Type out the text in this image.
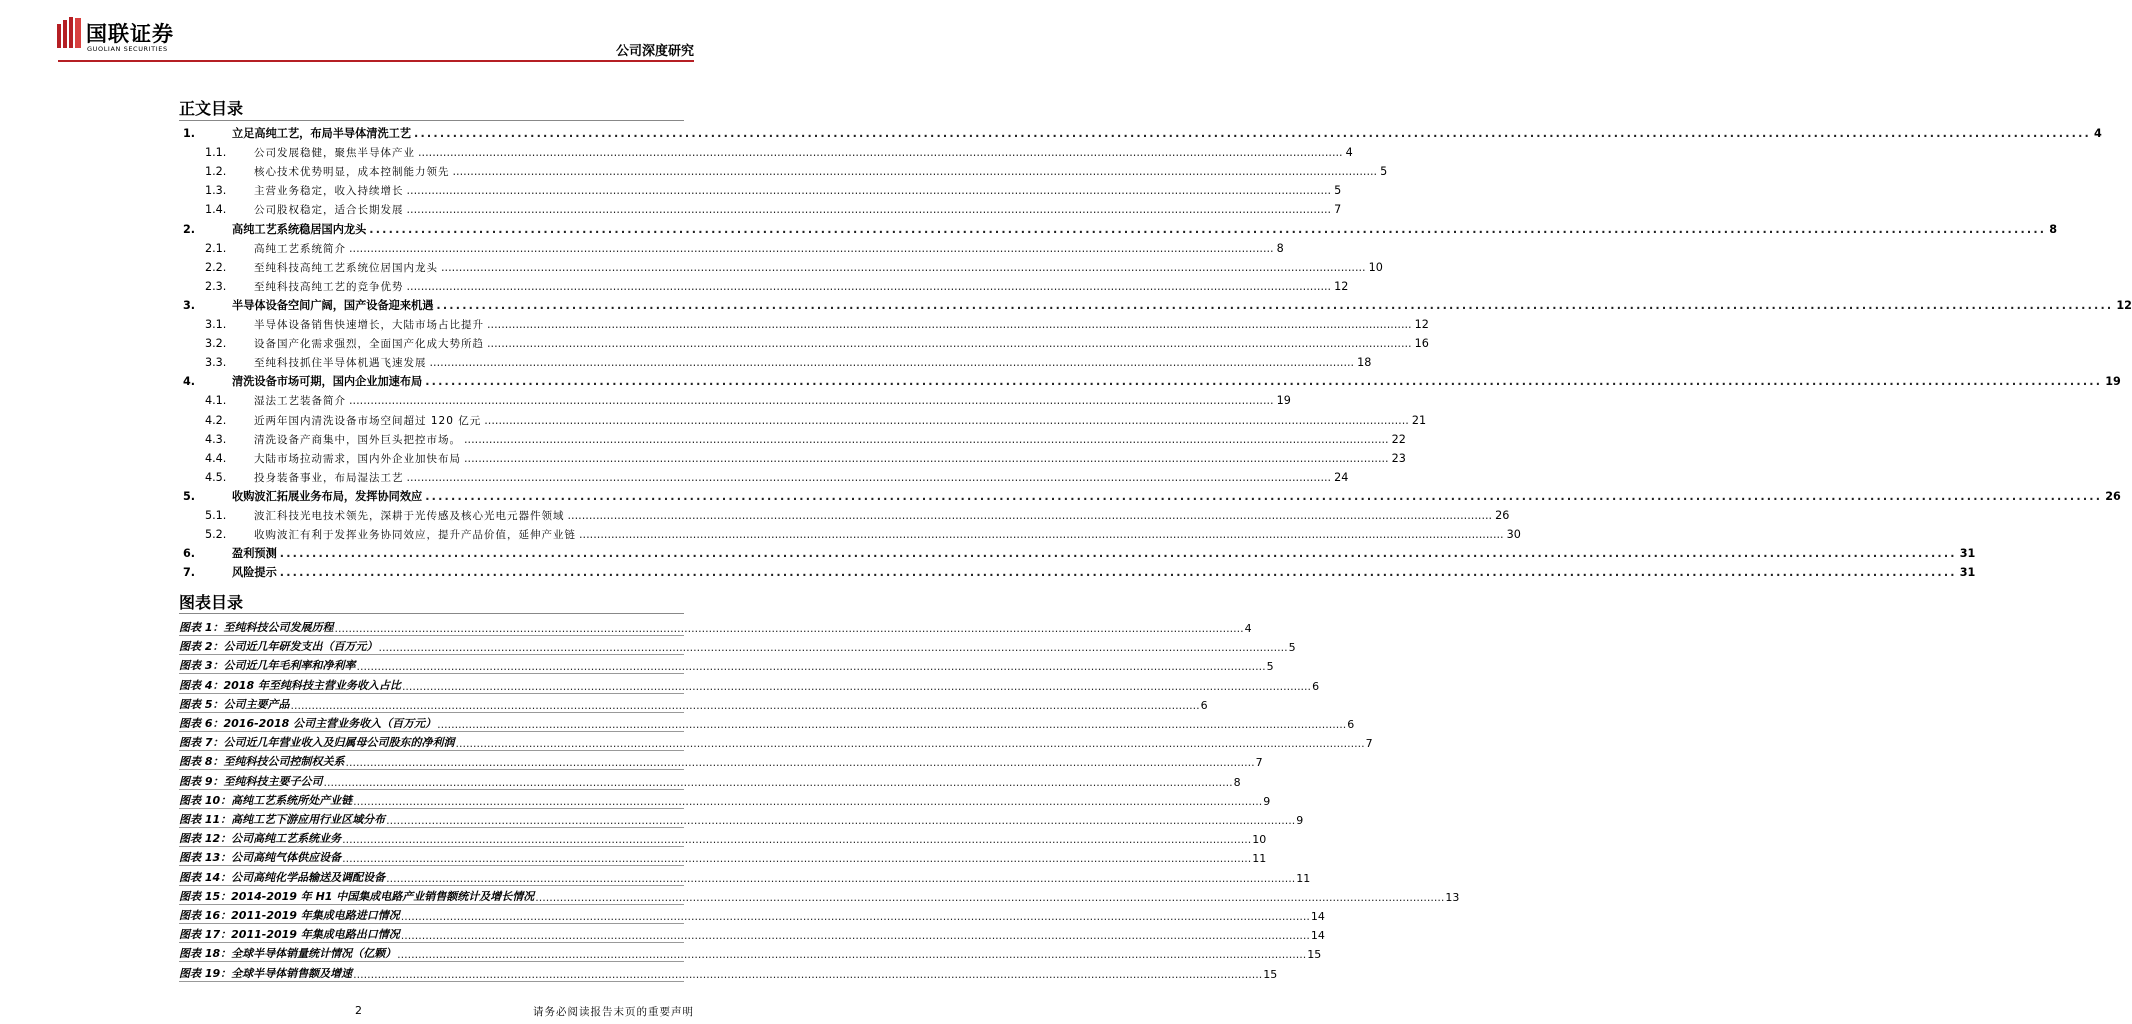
国联证券
GUOLIAN SECURITIES	公司深度研究
正文目录
1.	立足高纯工艺，布局半导体清洗工艺 .................................................................................................................................................................................................................................................................... 4
1.1.	公司发展稳健，聚焦半导体产业 .................................................................................................................................................................................................................................................................... 4
1.2.	核心技术优势明显，成本控制能力领先 .................................................................................................................................................................................................................................................................... 5
1.3.	主营业务稳定，收入持续增长 .................................................................................................................................................................................................................................................................... 5
1.4.	公司股权稳定，适合长期发展 .................................................................................................................................................................................................................................................................... 7
2.	高纯工艺系统稳居国内龙头 .................................................................................................................................................................................................................................................................... 8
2.1.	高纯工艺系统简介 .................................................................................................................................................................................................................................................................... 8
2.2.	至纯科技高纯工艺系统位居国内龙头 .................................................................................................................................................................................................................................................................... 10
2.3.	至纯科技高纯工艺的竞争优势 .................................................................................................................................................................................................................................................................... 12
3.	半导体设备空间广阔，国产设备迎来机遇 .................................................................................................................................................................................................................................................................... 12
3.1.	半导体设备销售快速增长，大陆市场占比提升 .................................................................................................................................................................................................................................................................... 12
3.2.	设备国产化需求强烈，全面国产化成大势所趋 .................................................................................................................................................................................................................................................................... 16
3.3.	至纯科技抓住半导体机遇飞速发展 .................................................................................................................................................................................................................................................................... 18
4.	清洗设备市场可期，国内企业加速布局 .................................................................................................................................................................................................................................................................... 19
4.1.	湿法工艺装备简介 .................................................................................................................................................................................................................................................................... 19
4.2.	近两年国内清洗设备市场空间超过 120 亿元 .................................................................................................................................................................................................................................................................... 21
4.3.	清洗设备产商集中，国外巨头把控市场。 .................................................................................................................................................................................................................................................................... 22
4.4.	大陆市场拉动需求，国内外企业加快布局 .................................................................................................................................................................................................................................................................... 23
4.5.	投身装备事业，布局湿法工艺 .................................................................................................................................................................................................................................................................... 24
5.	收购波汇拓展业务布局，发挥协同效应 .................................................................................................................................................................................................................................................................... 26
5.1.	波汇科技光电技术领先，深耕于光传感及核心光电元器件领域 .................................................................................................................................................................................................................................................................... 26
5.2.	收购波汇有利于发挥业务协同效应，提升产品价值，延伸产业链 .................................................................................................................................................................................................................................................................... 30
6.	盈利预测 .................................................................................................................................................................................................................................................................... 31
7.	风险提示 .................................................................................................................................................................................................................................................................... 31
图表目录
图表 1：至纯科技公司发展历程 .................................................................................................................................................................................................................................................................... 4
图表 2：公司近几年研发支出（百万元） .................................................................................................................................................................................................................................................................... 5
图表 3：公司近几年毛利率和净利率 .................................................................................................................................................................................................................................................................... 5
图表 4：2018 年至纯科技主营业务收入占比 .................................................................................................................................................................................................................................................................... 6
图表 5：公司主要产品 .................................................................................................................................................................................................................................................................... 6
图表 6：2016-2018 公司主营业务收入（百万元） .................................................................................................................................................................................................................................................................... 6
图表 7：公司近几年营业收入及归属母公司股东的净利润 .................................................................................................................................................................................................................................................................... 7
图表 8：至纯科技公司控制权关系 .................................................................................................................................................................................................................................................................... 7
图表 9：至纯科技主要子公司 .................................................................................................................................................................................................................................................................... 8
图表 10：高纯工艺系统所处产业链 .................................................................................................................................................................................................................................................................... 9
图表 11：高纯工艺下游应用行业区域分布 .................................................................................................................................................................................................................................................................... 9
图表 12：公司高纯工艺系统业务 .................................................................................................................................................................................................................................................................... 10
图表 13：公司高纯气体供应设备 .................................................................................................................................................................................................................................................................... 11
图表 14：公司高纯化学品输送及调配设备 .................................................................................................................................................................................................................................................................... 11
图表 15：2014-2019 年 H1 中国集成电路产业销售额统计及增长情况 .................................................................................................................................................................................................................................................................... 13
图表 16：2011-2019 年集成电路进口情况 .................................................................................................................................................................................................................................................................... 14
图表 17：2011-2019 年集成电路出口情况 .................................................................................................................................................................................................................................................................... 14
图表 18：全球半导体销量统计情况（亿颗） .................................................................................................................................................................................................................................................................... 15
图表 19：全球半导体销售额及增速 .................................................................................................................................................................................................................................................................... 15
2	请务必阅读报告末页的重要声明
